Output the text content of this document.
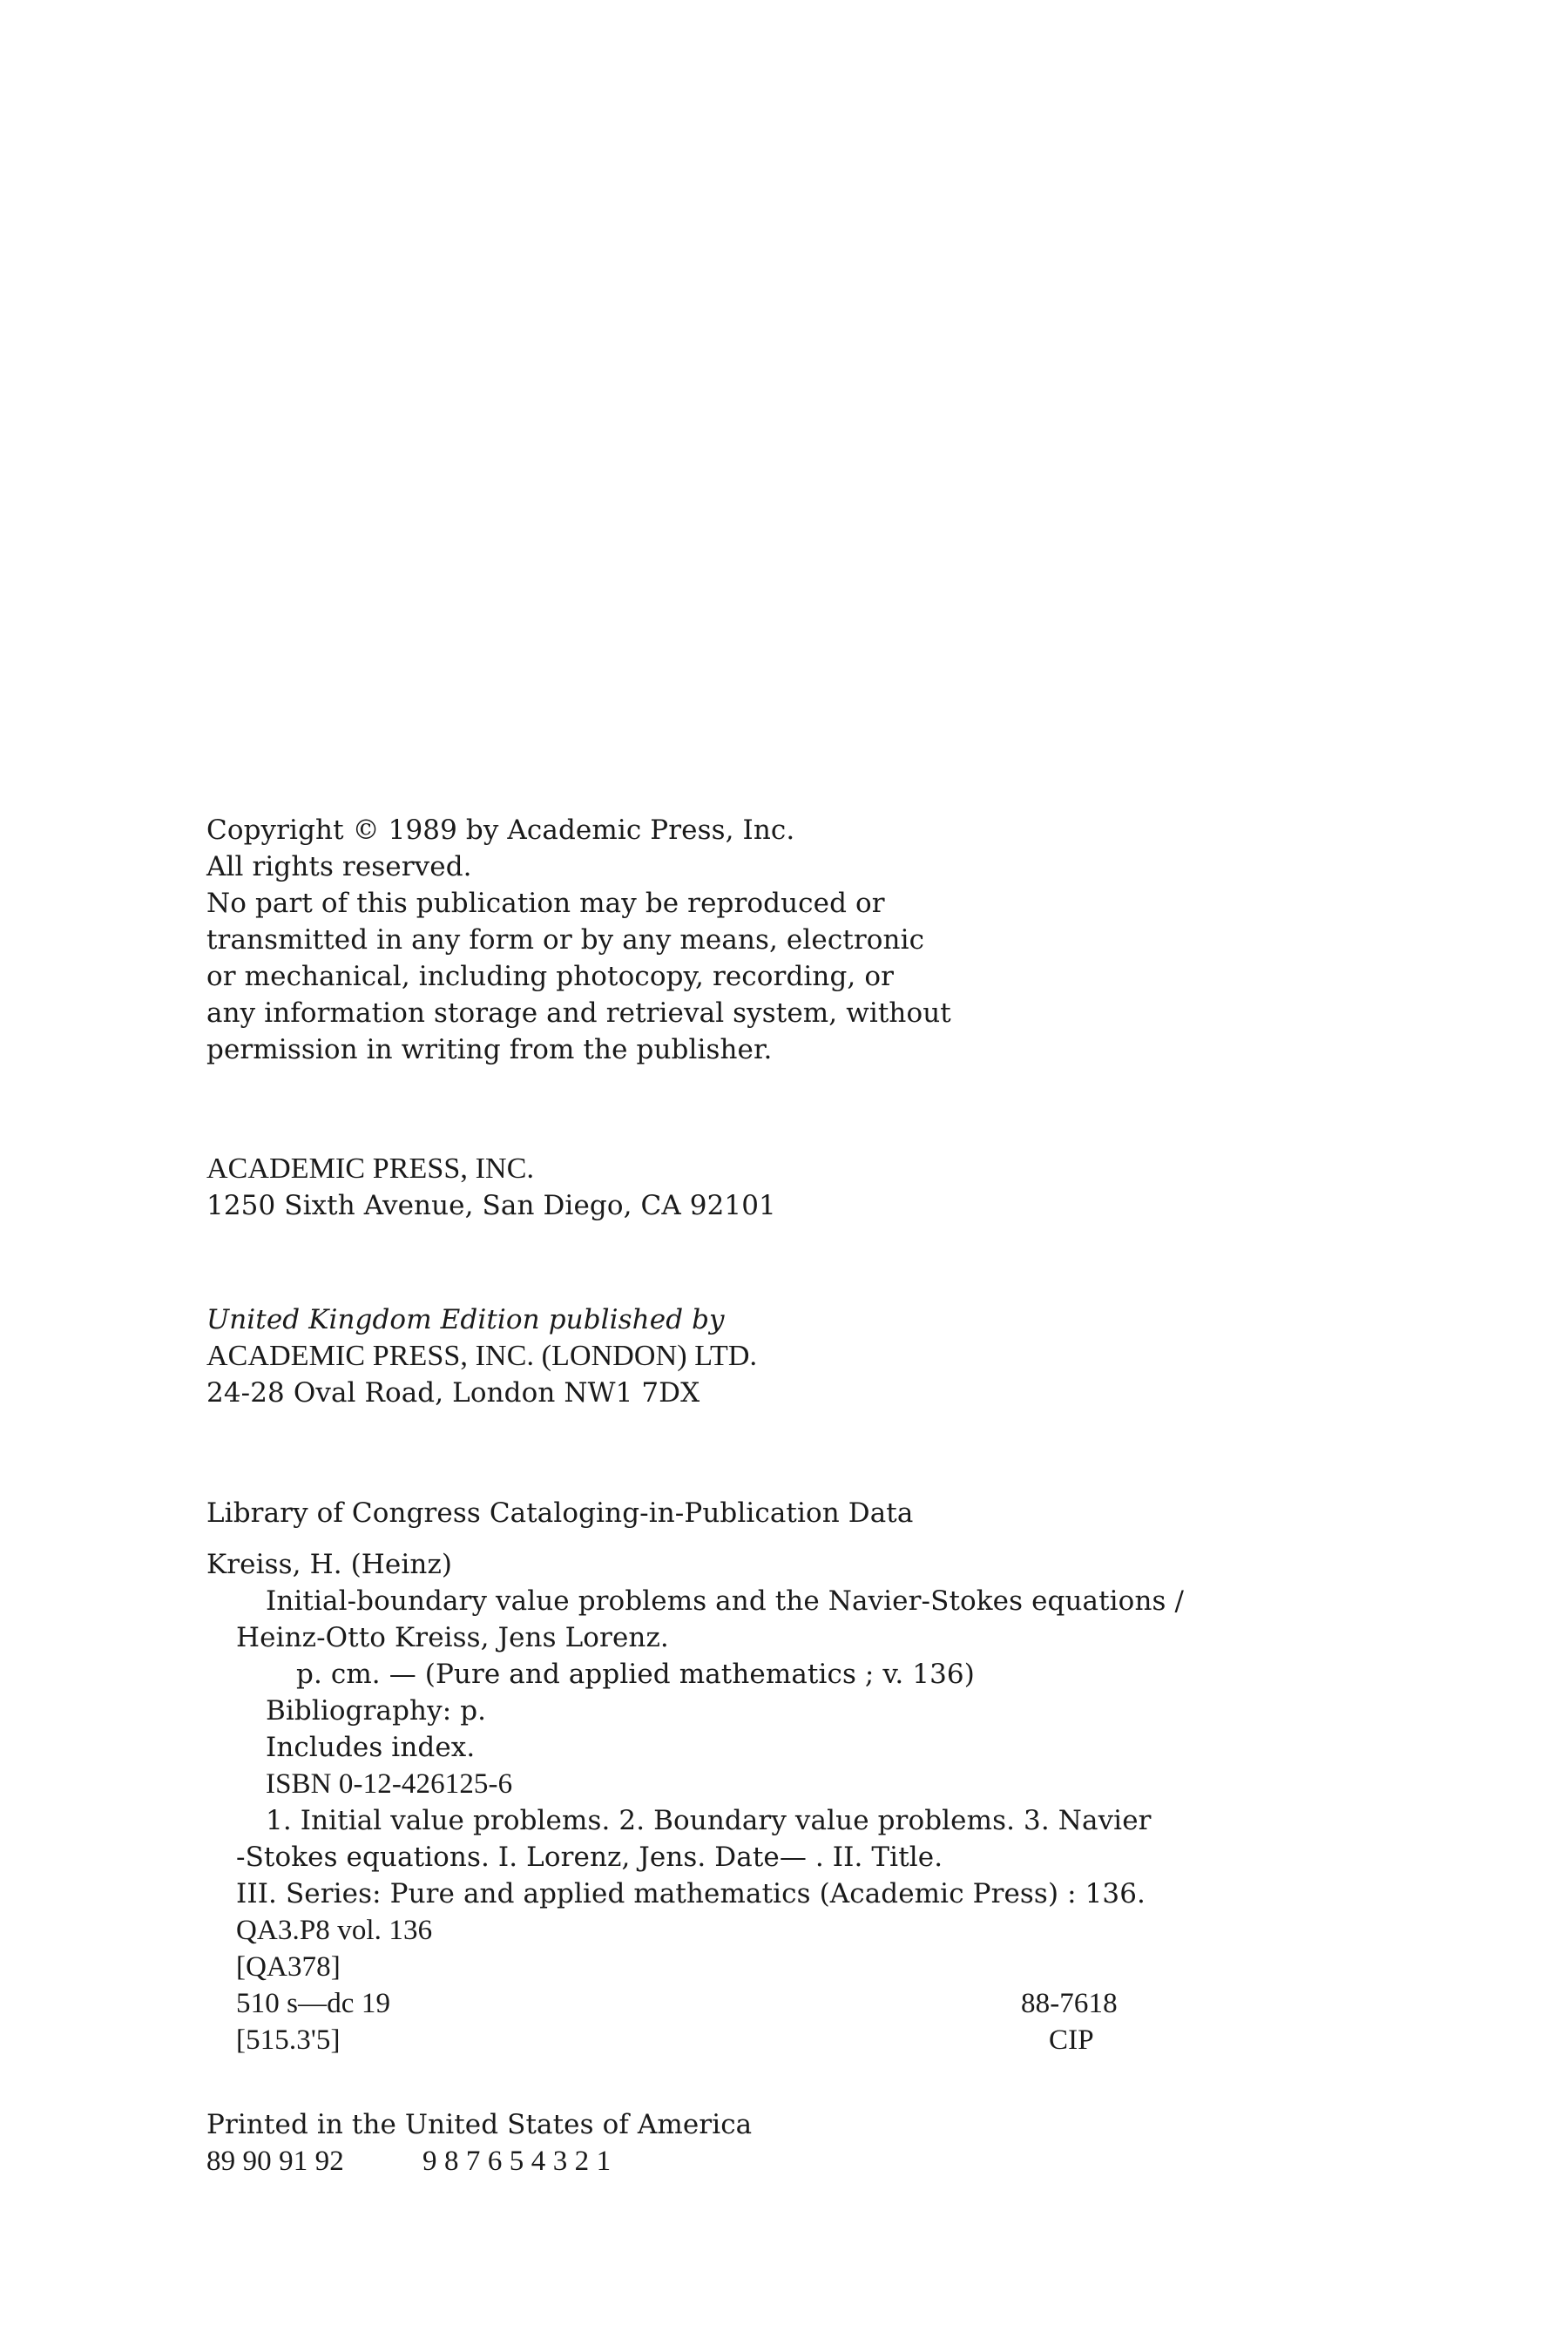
Copyright © 1989 by Academic Press, Inc.
All rights reserved.
No part of this publication may be reproduced or
transmitted in any form or by any means, electronic
or mechanical, including photocopy, recording, or
any information storage and retrieval system, without
permission in writing from the publisher.
ACADEMIC PRESS, INC.
1250 Sixth Avenue, San Diego, CA 92101
United Kingdom Edition published by
ACADEMIC PRESS, INC. (LONDON) LTD.
24-28 Oval Road, London NW1 7DX
Library of Congress Cataloging-in-Publication Data
Kreiss, H. (Heinz)
Initial-boundary value problems and the Navier-Stokes equations /
Heinz-Otto Kreiss, Jens Lorenz.
p. cm. — (Pure and applied mathematics ; v. 136)
Bibliography: p.
Includes index.
ISBN 0-12-426125-6
1. Initial value problems. 2. Boundary value problems. 3. Navier
-Stokes equations. I. Lorenz, Jens. Date— . II. Title.
III. Series: Pure and applied mathematics (Academic Press) : 136.
QA3.P8 vol. 136
[QA378]
510 s—dc 19
[515.3'5]
88-7618
CIP
Printed in the United States of America
89 90 91 92	9 8 7 6 5 4 3 2 1
